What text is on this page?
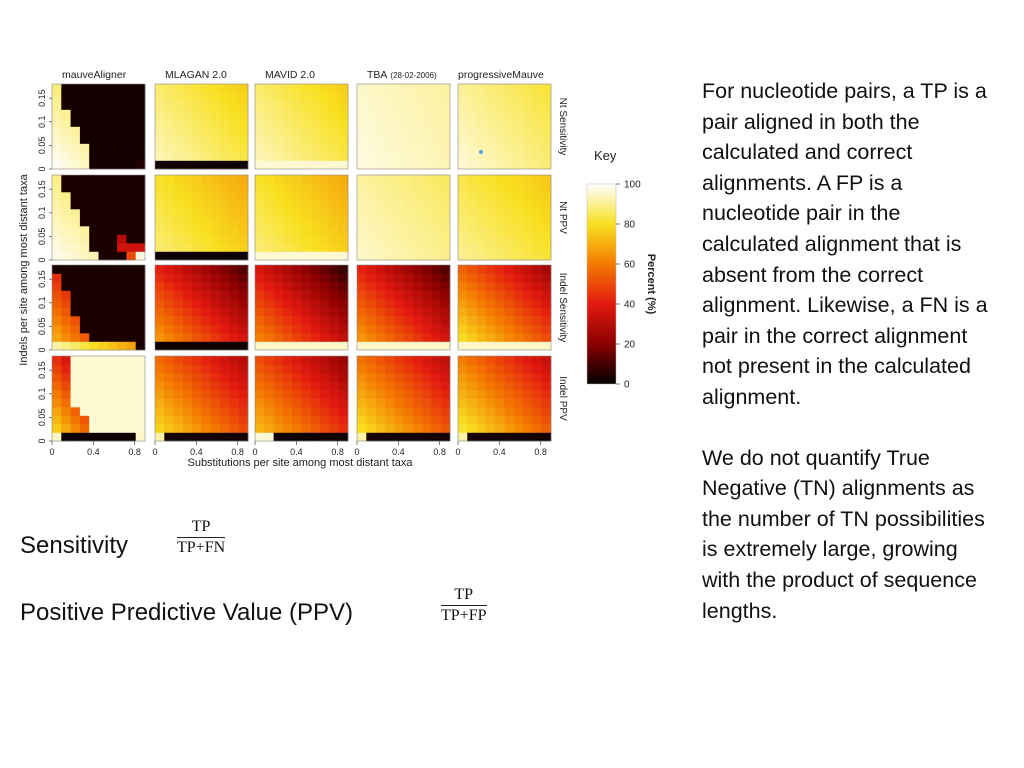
mauveAligner	MLAGAN 2.0	MAVID 2.0	TBA (28-02-2006) progressiveMauve
Nt Sensitivity
Nt PPV
Indel Sensitivity
Indel PPV
0
0.05
0.1
0.15
0
0.05
0.1
0.15
0
0.05
0.1
0.15
0
0.05
0.1
0.15
0	0.4	0.8 0	0.4	0.8 0	0.4	0.8 0	0.4	0.8 0	0.4	0.8
Indels per site among most distant taxa
Substitutions per site among most distant taxa
Key
0
20
40
60
80
100
Percent (%)

For nucleotide pairs, a TP is a pair aligned in both the calculated and correct alignments. A FP is a nucleotide pair in the calculated alignment that is absent from the correct alignment. Likewise, a FN is a pair in the correct alignment not present in the calculated alignment.

We do not quantify True Negative (TN) alignments as the number of TN possibilities is extremely large, growing with the product of sequence lengths.

Sensitivity
TP
TP+FN
Positive Predictive Value (PPV)
TP
TP+FP
